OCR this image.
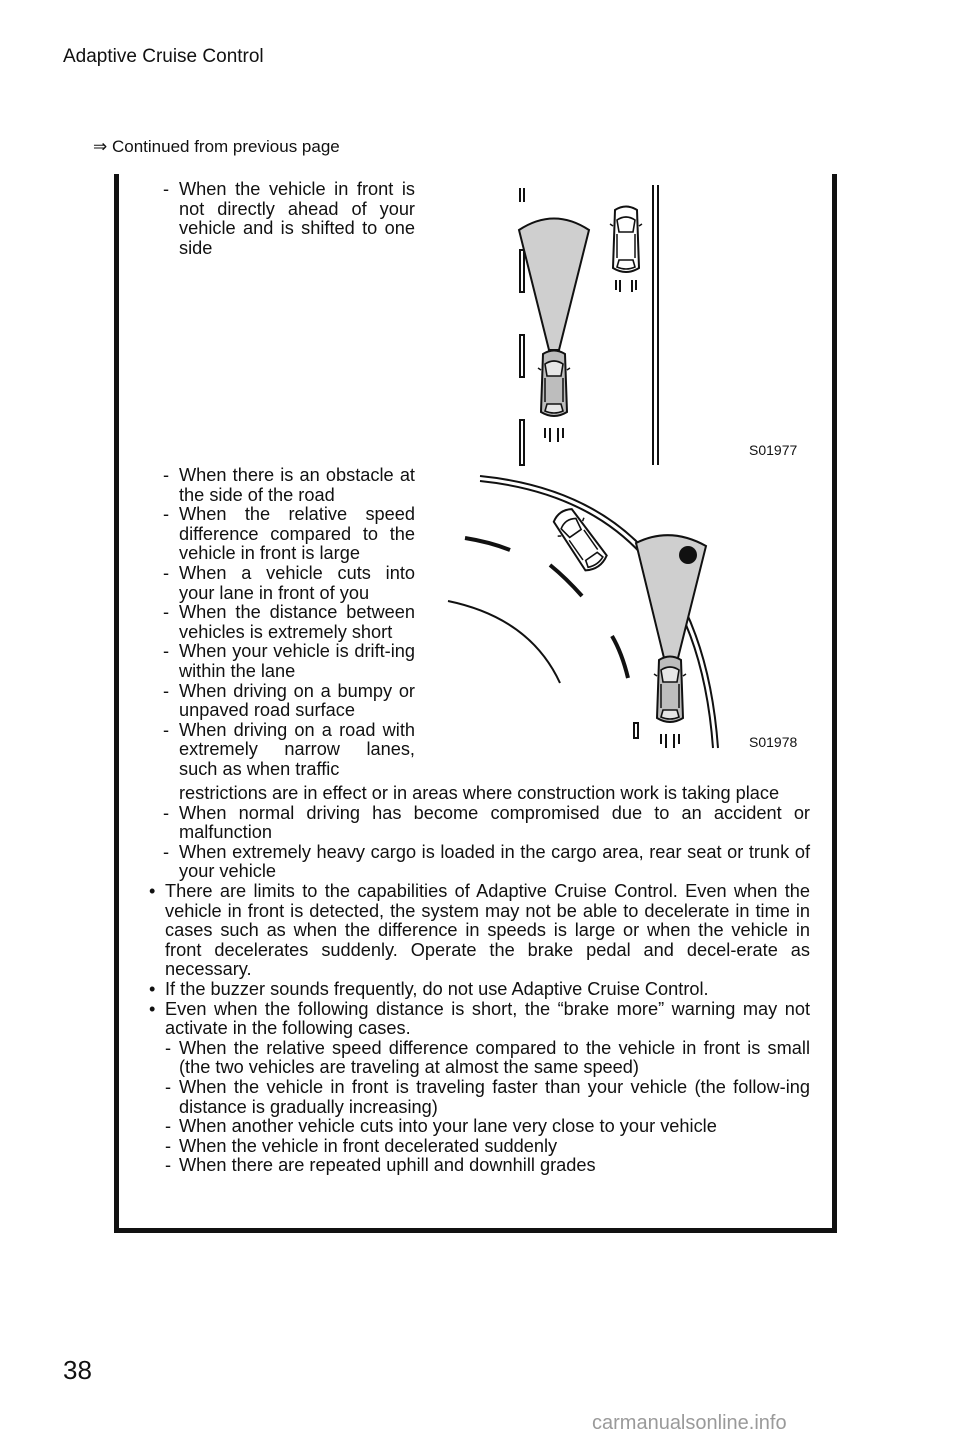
Adaptive Cruise Control
⇒ Continued from previous page
- When the vehicle in front is not directly ahead of your vehicle and is shifted to one side
S01977
- When there is an obstacle at the side of the road
- When the relative speed difference compared to the vehicle in front is large
- When a vehicle cuts into your lane in front of you
- When the distance between vehicles is extremely short
- When your vehicle is drift-ing within the lane
- When driving on a bumpy or unpaved road surface
- When driving on a road with extremely narrow lanes, such as when traffic
S01978
restrictions are in effect or in areas where construction work is taking place
- When normal driving has become compromised due to an accident or malfunction
- When extremely heavy cargo is loaded in the cargo area, rear seat or trunk of your vehicle
• There are limits to the capabilities of Adaptive Cruise Control. Even when the vehicle in front is detected, the system may not be able to decelerate in time in cases such as when the difference in speeds is large or when the vehicle in front decelerates suddenly. Operate the brake pedal and decel-erate as necessary.
• If the buzzer sounds frequently, do not use Adaptive Cruise Control.
• Even when the following distance is short, the “brake more” warning may not activate in the following cases.
- When the relative speed difference compared to the vehicle in front is small (the two vehicles are traveling at almost the same speed)
- When the vehicle in front is traveling faster than your vehicle (the follow-ing distance is gradually increasing)
- When another vehicle cuts into your lane very close to your vehicle
- When the vehicle in front decelerated suddenly
- When there are repeated uphill and downhill grades
38
carmanualsonline.info
